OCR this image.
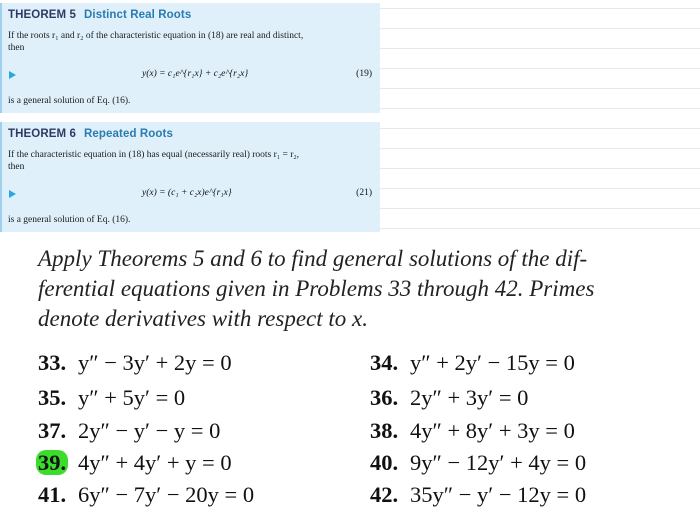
THEOREM 5 Distinct Real Roots
If the roots r₁ and r₂ of the characteristic equation in (18) are real and distinct,
then
y(x) = c₁e^{r₁x} + c₂e^{r₂x}	(19)
is a general solution of Eq. (16).
THEOREM 6 Repeated Roots
If the characteristic equation in (18) has equal (necessarily real) roots r₁ = r₂,
then
y(x) = (c₁ + c₂x)e^{r₁x}	(21)
is a general solution of Eq. (16).
Apply Theorems 5 and 6 to find general solutions of the dif-
ferential equations given in Problems 33 through 42. Primes
denote derivatives with respect to x.
33. y″ − 3y′ + 2y = 0
35. y″ + 5y′ = 0
37. 2y″ − y′ − y = 0
39. 4y″ + 4y′ + y = 0
41. 6y″ − 7y′ − 20y = 0
34. y″ + 2y′ − 15y = 0
36. 2y″ + 3y′ = 0
38. 4y″ + 8y′ + 3y = 0
40. 9y″ − 12y′ + 4y = 0
42. 35y″ − y′ − 12y = 0
